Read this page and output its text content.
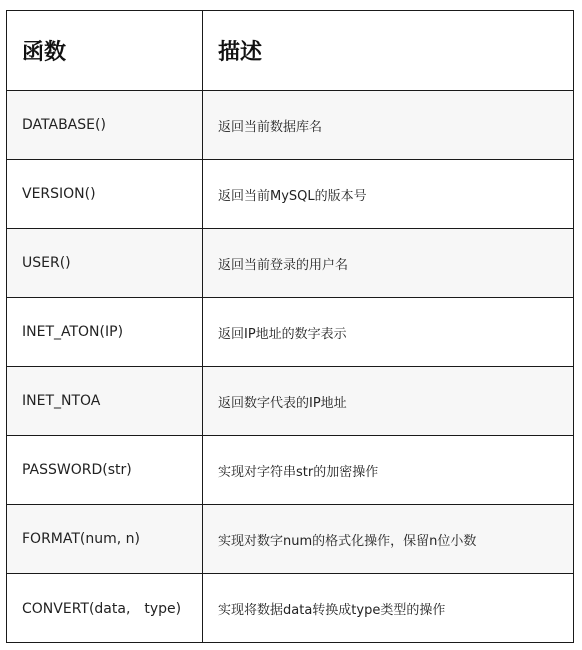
函数	描述
DATABASE()	返回当前数据库名
VERSION()	返回当前MySQL的版本号
USER()	返回当前登录的用户名
INET_ATON(IP)	返回IP地址的数字表示
INET_NTOA	返回数字代表的IP地址
PASSWORD(str)	实现对字符串str的加密操作
FORMAT(num, n)	实现对数字num的格式化操作，保留n位小数
CONVERT(data,　type)	实现将数据data转换成type类型的操作
